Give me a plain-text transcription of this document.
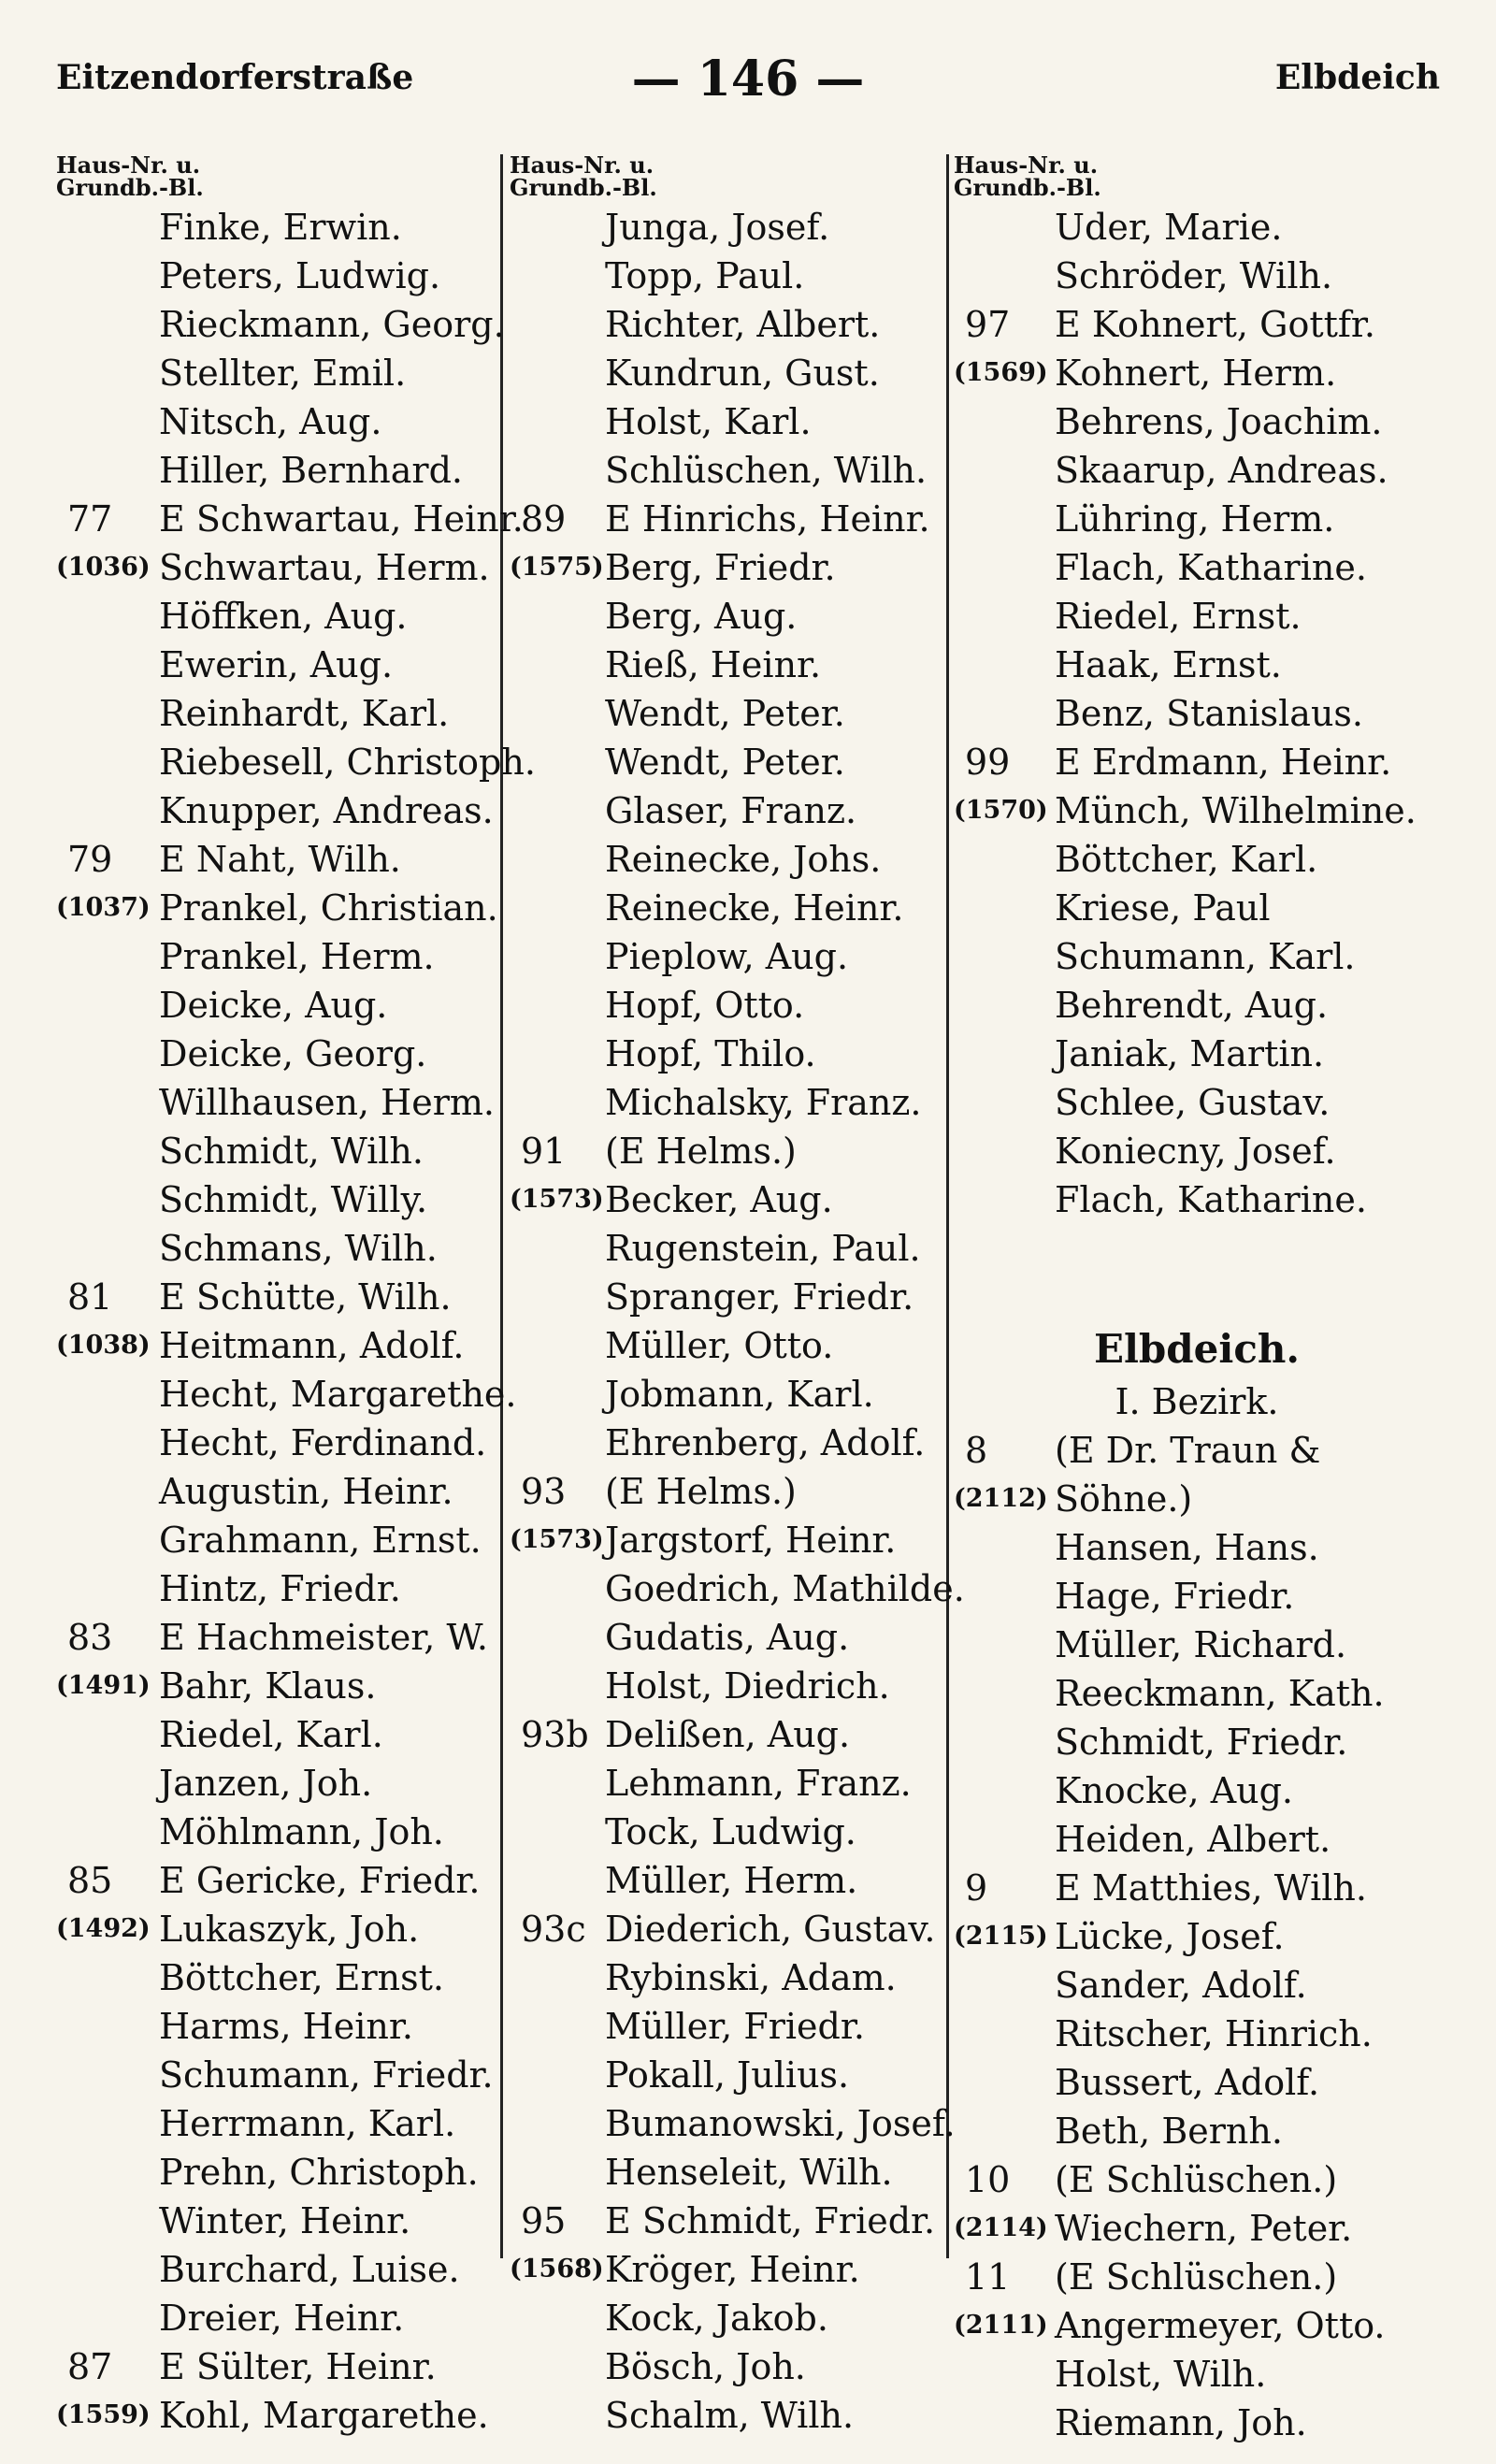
Eitzendorferstraße	— 146 —	Elbdeich
Haus-Nr. u.
Grundb.-Bl.
Finke, Erwin.
Peters, Ludwig.
Rieckmann, Georg.
Stellter, Emil.
Nitsch, Aug.
Hiller, Bernhard.
77 E Schwartau, Heinr.
(1036) Schwartau, Herm.
Höffken, Aug.
Ewerin, Aug.
Reinhardt, Karl.
Riebesell, Christoph.
Knupper, Andreas.
79 E Naht, Wilh.
(1037) Prankel, Christian.
Prankel, Herm.
Deicke, Aug.
Deicke, Georg.
Willhausen, Herm.
Schmidt, Wilh.
Schmidt, Willy.
Schmans, Wilh.
81 E Schütte, Wilh.
(1038) Heitmann, Adolf.
Hecht, Margarethe.
Hecht, Ferdinand.
Augustin, Heinr.
Grahmann, Ernst.
Hintz, Friedr.
83 E Hachmeister, W.
(1491) Bahr, Klaus.
Riedel, Karl.
Janzen, Joh.
Möhlmann, Joh.
85 E Gericke, Friedr.
(1492) Lukaszyk, Joh.
Böttcher, Ernst.
Harms, Heinr.
Schumann, Friedr.
Herrmann, Karl.
Prehn, Christoph.
Winter, Heinr.
Burchard, Luise.
Dreier, Heinr.
87 E Sülter, Heinr.
(1559) Kohl, Margarethe.
Haus-Nr. u.
Grundb.-Bl.
Junga, Josef.
Topp, Paul.
Richter, Albert.
Kundrun, Gust.
Holst, Karl.
Schlüschen, Wilh.
89 E Hinrichs, Heinr.
(1575) Berg, Friedr.
Berg, Aug.
Rieß, Heinr.
Wendt, Peter.
Wendt, Peter.
Glaser, Franz.
Reinecke, Johs.
Reinecke, Heinr.
Pieplow, Aug.
Hopf, Otto.
Hopf, Thilo.
Michalsky, Franz.
91 (E Helms.)
(1573) Becker, Aug.
Rugenstein, Paul.
Spranger, Friedr.
Müller, Otto.
Jobmann, Karl.
Ehrenberg, Adolf.
93 (E Helms.)
(1573) Jargstorf, Heinr.
Goedrich, Mathilde.
Gudatis, Aug.
Holst, Diedrich.
93b Delißen, Aug.
Lehmann, Franz.
Tock, Ludwig.
Müller, Herm.
93c Diederich, Gustav.
Rybinski, Adam.
Müller, Friedr.
Pokall, Julius.
Bumanowski, Josef.
Henseleit, Wilh.
95 E Schmidt, Friedr.
(1568) Kröger, Heinr.
Kock, Jakob.
Bösch, Joh.
Schalm, Wilh.
Haus-Nr. u.
Grundb.-Bl.
Uder, Marie.
Schröder, Wilh.
97 E Kohnert, Gottfr.
(1569) Kohnert, Herm.
Behrens, Joachim.
Skaarup, Andreas.
Lühring, Herm.
Flach, Katharine.
Riedel, Ernst.
Haak, Ernst.
Benz, Stanislaus.
99 E Erdmann, Heinr.
(1570) Münch, Wilhelmine.
Böttcher, Karl.
Kriese, Paul
Schumann, Karl.
Behrendt, Aug.
Janiak, Martin.
Schlee, Gustav.
Koniecny, Josef.
Flach, Katharine.
Elbdeich.
I. Bezirk.
8 (E Dr. Traun &
(2112) Söhne.)
Hansen, Hans.
Hage, Friedr.
Müller, Richard.
Reeckmann, Kath.
Schmidt, Friedr.
Knocke, Aug.
Heiden, Albert.
9 E Matthies, Wilh.
(2115) Lücke, Josef.
Sander, Adolf.
Ritscher, Hinrich.
Bussert, Adolf.
Beth, Bernh.
10 (E Schlüschen.)
(2114) Wiechern, Peter.
11 (E Schlüschen.)
(2111) Angermeyer, Otto.
Holst, Wilh.
Riemann, Joh.
